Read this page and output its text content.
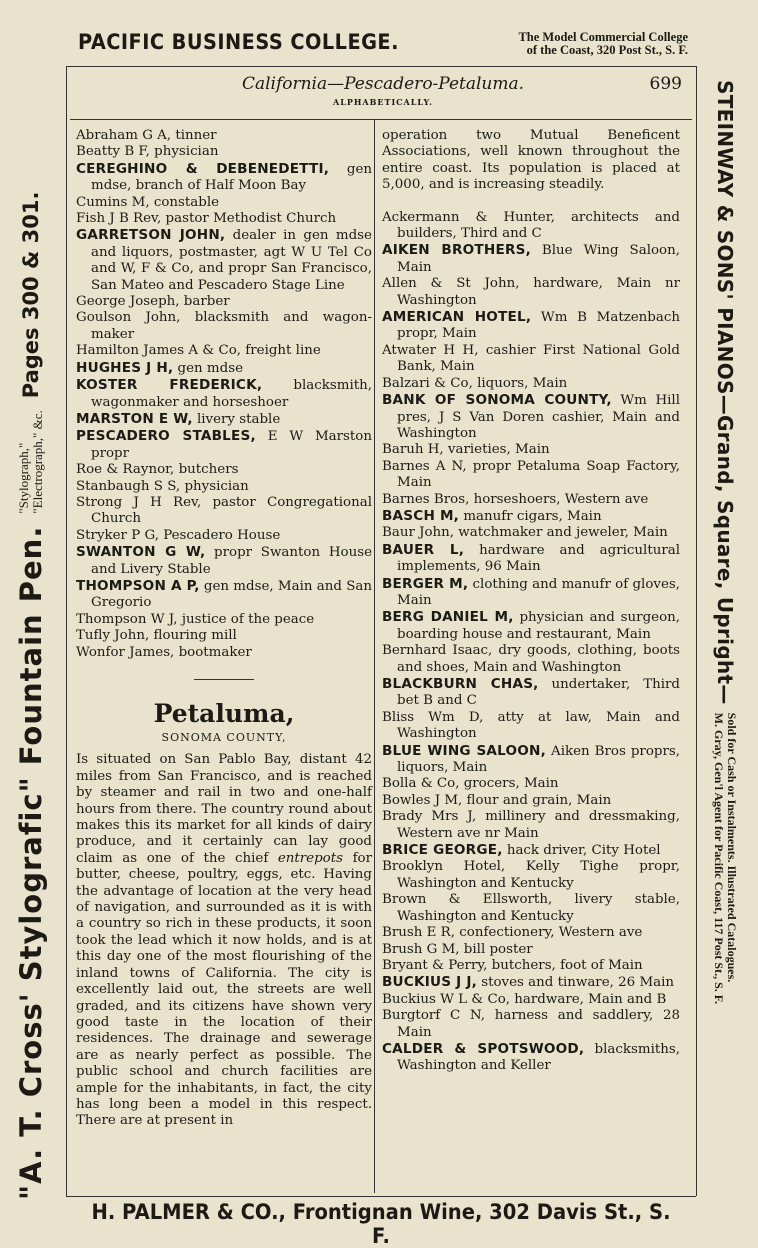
PACIFIC BUSINESS COLLEGE.	The Model Commercial College
of the Coast, 320 Post St., S. F.
California—Pescadero-Petaluma.	699
ALPHABETICALLY.

Abraham G A, tinner

Beatty B F, physician

CEREGHINO & DEBENEDETTI, gen mdse, branch of Half Moon Bay

Cumins M, constable

Fish J B Rev, pastor Methodist Church

GARRETSON JOHN, dealer in gen mdse and liquors, postmaster, agt W U Tel Co and W, F & Co, and propr San Francisco, San Mateo and Pescadero Stage Line

George Joseph, barber

Goulson John, blacksmith and wagon-maker

Hamilton James A & Co, freight line

HUGHES J H, gen mdse

KOSTER FREDERICK, blacksmith, wagonmaker and horseshoer

MARSTON E W, livery stable

PESCADERO STABLES, E W Marston propr

Roe & Raynor, butchers

Stanbaugh S S, physician

Strong J H Rev, pastor Congregational Church

Stryker P G, Pescadero House

SWANTON G W, propr Swanton House and Livery Stable

THOMPSON A P, gen mdse, Main and San Gregorio

Thompson W J, justice of the peace

Tufly John, flouring mill

Wonfor James, bootmaker

Petaluma,

SONOMA COUNTY,

Is situated on San Pablo Bay, distant 42 miles from San Francisco, and is reached by steamer and rail in two and one-half hours from there. The country round about makes this its market for all kinds of dairy produce, and it certainly can lay good claim as one of the chief entrepots for butter, cheese, poultry, eggs, etc. Having the advantage of location at the very head of navigation, and surrounded as it is with a country so rich in these products, it soon took the lead which it now holds, and is at this day one of the most flourishing of the inland towns of California. The city is excellently laid out, the streets are well graded, and its citizens have shown very good taste in the location of their residences. The drainage and sewerage are as nearly perfect as possible. The public school and church facilities are ample for the inhabitants, in fact, the city has long been a model in this respect. There are at present in

operation two Mutual Beneficent Associations, well known throughout the entire coast. Its population is placed at 5,000, and is increasing steadily.

Ackermann & Hunter, architects and builders, Third and C

AIKEN BROTHERS, Blue Wing Saloon, Main

Allen & St John, hardware, Main nr Washington

AMERICAN HOTEL, Wm B Matzenbach propr, Main

Atwater H H, cashier First National Gold Bank, Main

Balzari & Co, liquors, Main

BANK OF SONOMA COUNTY, Wm Hill pres, J S Van Doren cashier, Main and Washington

Baruh H, varieties, Main

Barnes A N, propr Petaluma Soap Factory, Main

Barnes Bros, horseshoers, Western ave

BASCH M, manufr cigars, Main

Baur John, watchmaker and jeweler, Main

BAUER L, hardware and agricultural implements, 96 Main

BERGER M, clothing and manufr of gloves, Main

BERG DANIEL M, physician and surgeon, boarding house and restaurant, Main

Bernhard Isaac, dry goods, clothing, boots and shoes, Main and Washington

BLACKBURN CHAS, undertaker, Third bet B and C

Bliss Wm D, atty at law, Main and Washington

BLUE WING SALOON, Aiken Bros proprs, liquors, Main

Bolla & Co, grocers, Main

Bowles J M, flour and grain, Main

Brady Mrs J, millinery and dressmaking, Western ave nr Main

BRICE GEORGE, hack driver, City Hotel

Brooklyn Hotel, Kelly Tighe propr, Washington and Kentucky

Brown & Ellsworth, livery stable, Washington and Kentucky

Brush E R, confectionery, Western ave

Brush G M, bill poster

Bryant & Perry, butchers, foot of Main

BUCKIUS J J, stoves and tinware, 26 Main

Buckius W L & Co, hardware, Main and B

Burgtorf C N, harness and saddlery, 28 Main

CALDER & SPOTSWOOD, blacksmiths, Washington and Keller

"A. T. Cross' Stylografic" Fountain Pen.
"Stylograph,"
"Electrograph," &c.
Pages 300 & 301.	STEINWAY & SONS' PIANOS—Grand, Square, Upright—
Sold for Cash or Instalments. Illustrated Catalogues.
M. Gray, Gen'l Agent for Pacific Coast, 117 Post St., S. F.
H. PALMER & CO., Frontignan Wine, 302 Davis St., S. F.
